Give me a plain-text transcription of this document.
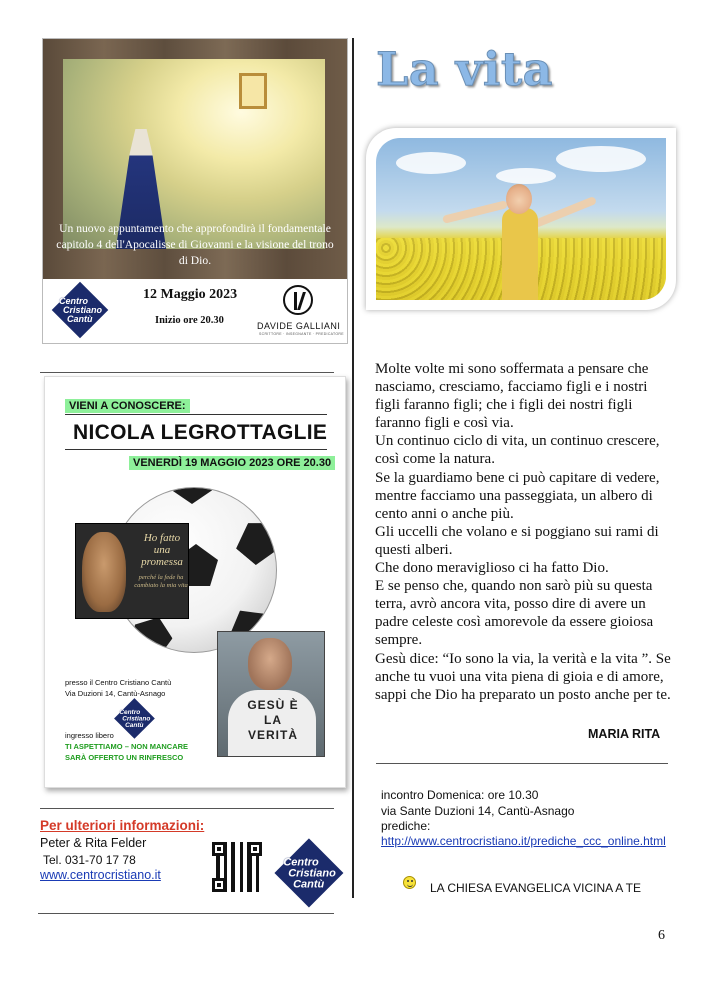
Un nuovo appuntamento che approfondirà il fondamentale capitolo 4 dell'Apocalisse di Giovanni e la visione del trono di Dio.
Centro
Cristiano
Cantù
12 Maggio 2023
Inizio ore 20.30	DAVIDE GALLIANI
SCRITTORE · INSEGNANTE · PREDICATORE
VIENI A CONOSCERE:
NICOLA LEGROTTAGLIE
VENERDÌ 19 MAGGIO 2023 ORE 20.30
Ho fatto una promessa
perché la fede ha cambiato la mia vita
GESÙ È LA VERITÀ
presso il Centro Cristiano Cantù
Via Duzioni 14, Cantù-Asnago
Centro
Cristiano
Cantù
ingresso libero
TI ASPETTIAMO – NON MANCARE
SARÀ OFFERTO UN RINFRESCO
Per ulteriori informazioni:
Peter & Rita Felder
Tel. 031-70 17 78
www.centrocristiano.it
Centro
Cristiano
Cantù
La vita

Molte volte mi sono soffermata a pensare che nasciamo, cresciamo, facciamo figli e i nostri figli faranno figli; che i figli dei nostri figli faranno figli e così via.

Un continuo ciclo di vita, un continuo crescere, così come la natura.

Se la guardiamo bene ci può capitare di vedere, mentre facciamo una passeggiata, un albero di cento anni o anche più.

Gli uccelli che volano e si poggiano sui rami di questi alberi.

Che dono meraviglioso ci ha fatto Dio.

E se penso che, quando non sarò più su questa terra, avrò ancora vita, posso dire di avere un padre celeste così amorevole da essere gioiosa sempre.

Gesù dice: “Io sono la via, la verità e la vita ”. Se anche tu vuoi una vita piena di gioia e di amore, sappi che Dio ha preparato un posto anche per te.

MARIA RITA
incontro Domenica: ore 10.30
via Sante Duzioni 14, Cantù-Asnago
prediche:
http://www.centrocristiano.it/prediche_ccc_online.html
LA CHIESA EVANGELICA VICINA A TE
6
